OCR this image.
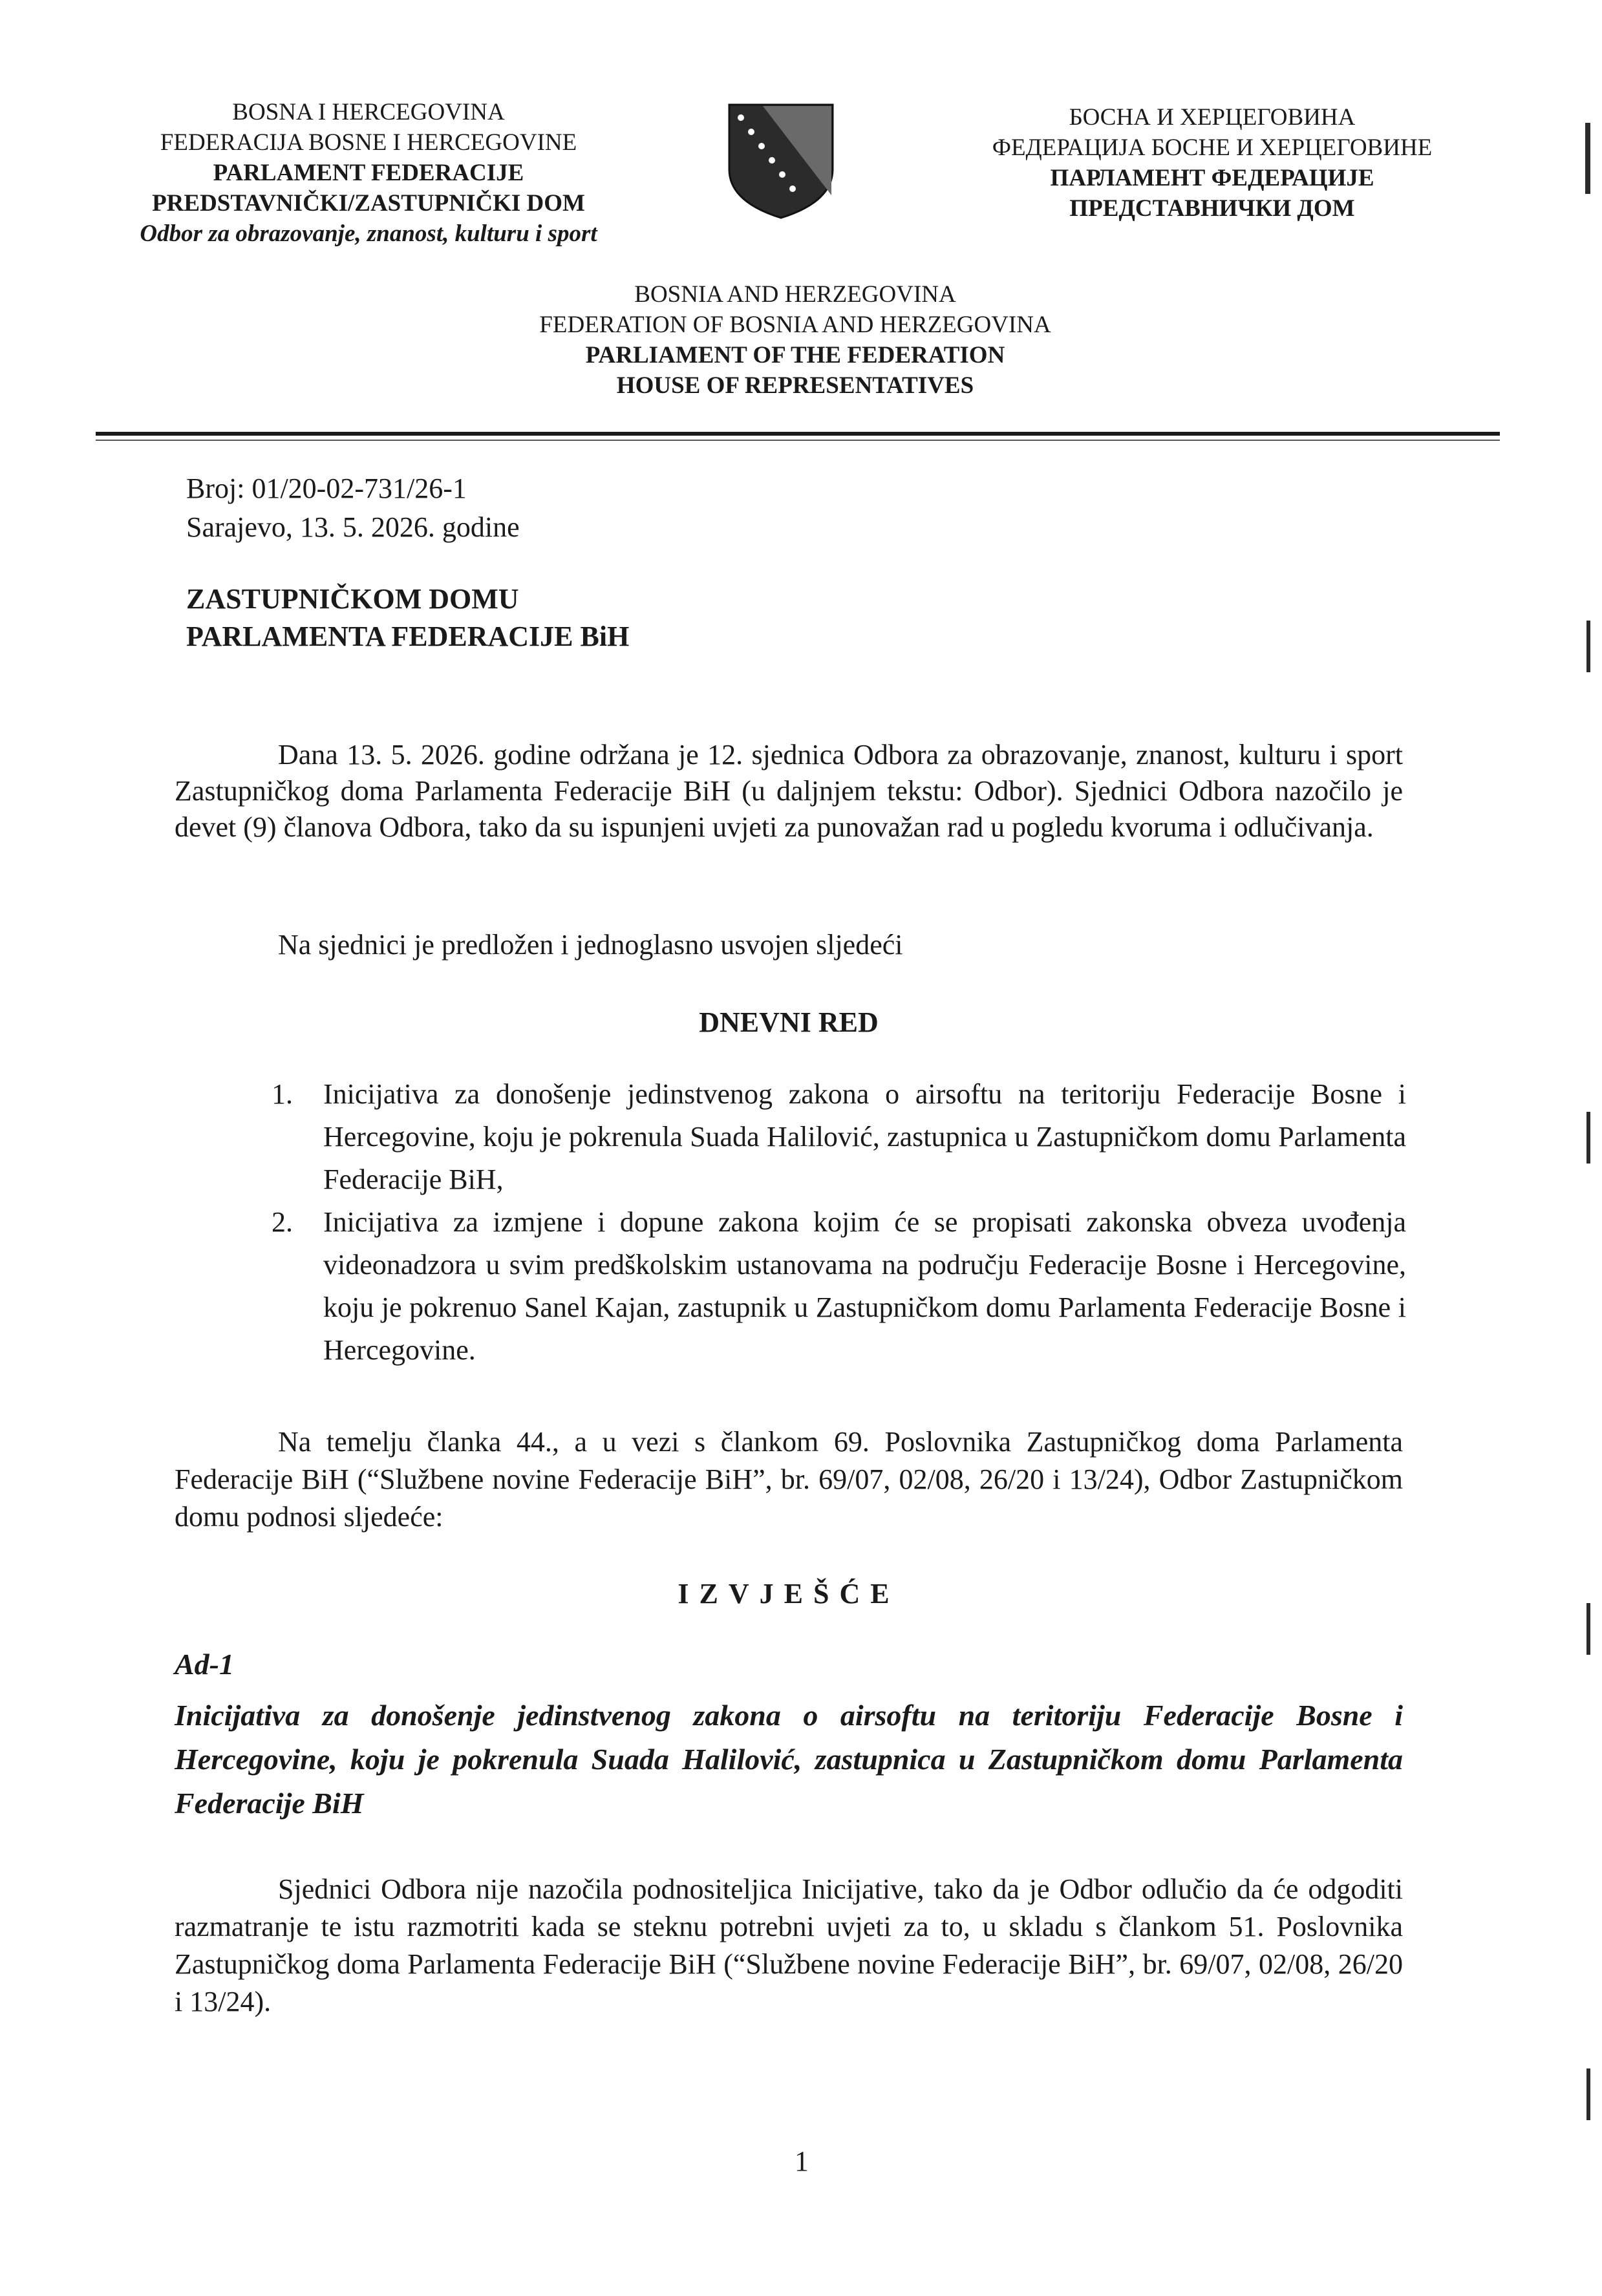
BOSNA I HERCEGOVINA
FEDERACIJA BOSNE I HERCEGOVINE
PARLAMENT FEDERACIJE
PREDSTAVNIČKI/ZASTUPNIČKI DOM
Odbor za obrazovanje, znanost, kulturu i sport
БОСНА И ХЕРЦЕГОВИНА
ФЕДЕРАЦИЈА БОСНЕ И ХЕРЦЕГОВИНЕ
ПАРЛАМЕНТ ФЕДЕРАЦИЈЕ
ПРЕДСТАВНИЧКИ ДОМ
BOSNIA AND HERZEGOVINA
FEDERATION OF BOSNIA AND HERZEGOVINA
PARLIAMENT OF THE FEDERATION
HOUSE OF REPRESENTATIVES
Broj: 01/20-02-731/26-1
Sarajevo, 13. 5. 2026. godine
ZASTUPNIČKOM DOMU
PARLAMENTA FEDERACIJE BiH
Dana 13. 5. 2026. godine održana je 12. sjednica Odbora za obrazovanje, znanost, kulturu i sport Zastupničkog doma Parlamenta Federacije BiH (u daljnjem tekstu: Odbor). Sjednici Odbora nazočilo je devet (9) članova Odbora, tako da su ispunjeni uvjeti za punovažan rad u pogledu kvoruma i odlučivanja.
Na sjednici je predložen i jednoglasno usvojen sljedeći
DNEVNI RED
1. Inicijativa za donošenje jedinstvenog zakona o airsoftu na teritoriju Federacije Bosne i Hercegovine, koju je pokrenula Suada Halilović, zastupnica u Zastupničkom domu Parlamenta Federacije BiH,
2. Inicijativa za izmjene i dopune zakona kojim će se propisati zakonska obveza uvođenja videonadzora u svim predškolskim ustanovama na području Federacije Bosne i Hercegovine, koju je pokrenuo Sanel Kajan, zastupnik u Zastupničkom domu Parlamenta Federacije Bosne i Hercegovine.
Na temelju članka 44., a u vezi s člankom 69. Poslovnika Zastupničkog doma Parlamenta Federacije BiH (“Službene novine Federacije BiH”, br. 69/07, 02/08, 26/20 i 13/24), Odbor Zastupničkom domu podnosi sljedeće:
IZVJEŠĆE
Ad-1
Inicijativa za donošenje jedinstvenog zakona o airsoftu na teritoriju Federacije Bosne i Hercegovine, koju je pokrenula Suada Halilović, zastupnica u Zastupničkom domu Parlamenta Federacije BiH
Sjednici Odbora nije nazočila podnositeljica Inicijative, tako da je Odbor odlučio da će odgoditi razmatranje te istu razmotriti kada se steknu potrebni uvjeti za to, u skladu s člankom 51. Poslovnika Zastupničkog doma Parlamenta Federacije BiH (“Službene novine Federacije BiH”, br. 69/07, 02/08, 26/20 i 13/24).
1
